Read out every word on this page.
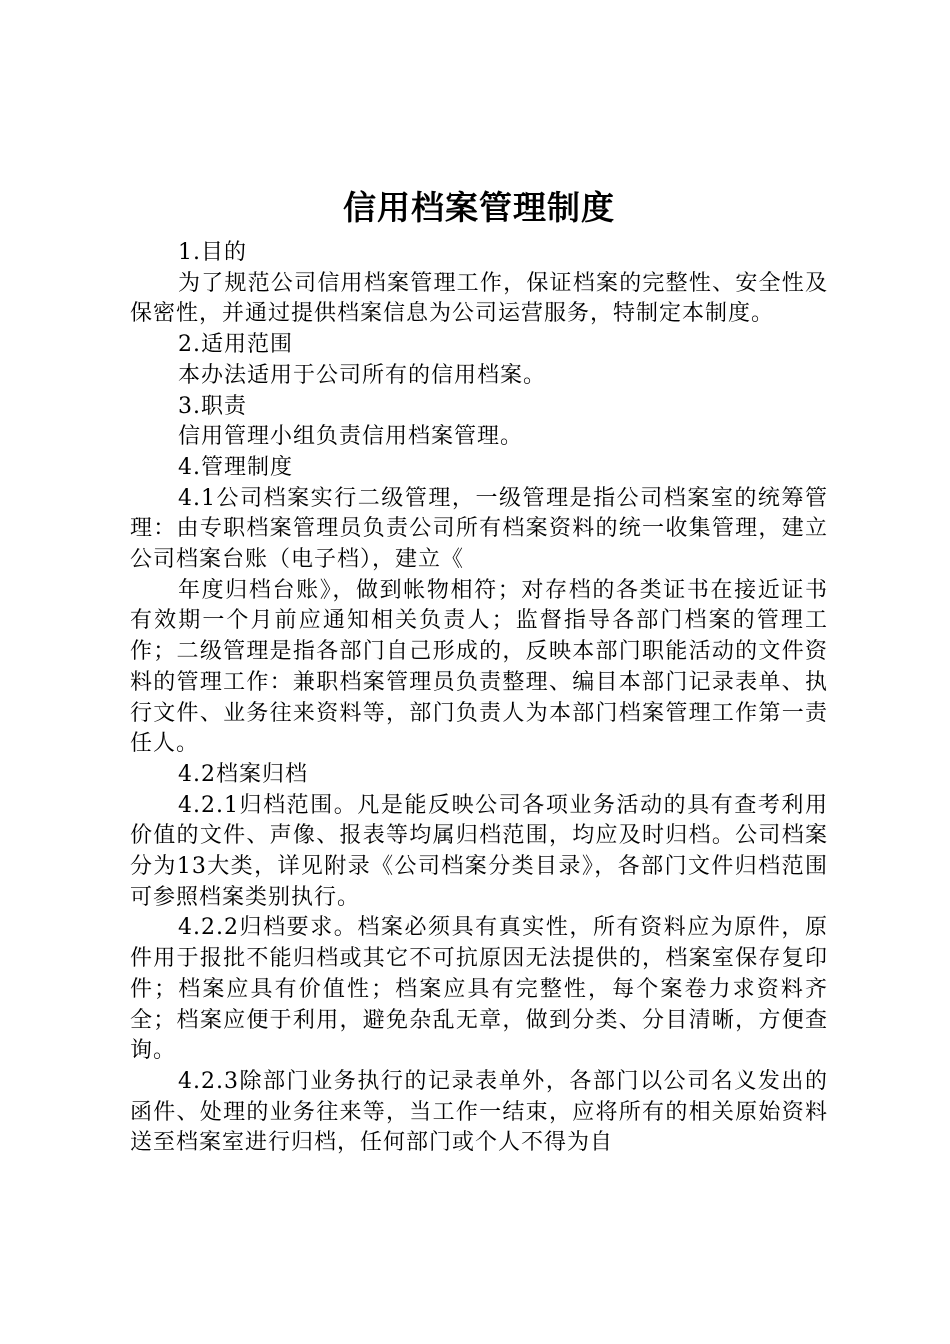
信用档案管理制度

1.目的

为了规范公司信用档案管理工作，保证档案的完整性、安全性及保密性，并通过提供档案信息为公司运营服务，特制定本制度。

2.适用范围

本办法适用于公司所有的信用档案。

3.职责

信用管理小组负责信用档案管理。

4.管理制度

4.1公司档案实行二级管理，一级管理是指公司档案室的统筹管理：由专职档案管理员负责公司所有档案资料的统一收集管理，建立公司档案台账（电子档），建立《

年度归档台账》，做到帐物相符；对存档的各类证书在接近证书有效期一个月前应通知相关负责人；监督指导各部门档案的管理工作；二级管理是指各部门自己形成的，反映本部门职能活动的文件资料的管理工作：兼职档案管理员负责整理、编目本部门记录表单、执行文件、业务往来资料等，部门负责人为本部门档案管理工作第一责任人。

4.2档案归档

4.2.1归档范围。凡是能反映公司各项业务活动的具有查考利用价值的文件、声像、报表等均属归档范围，均应及时归档。公司档案分为13大类，详见附录《公司档案分类目录》，各部门文件归档范围可参照档案类别执行。

4.2.2归档要求。档案必须具有真实性，所有资料应为原件，原件用于报批不能归档或其它不可抗原因无法提供的，档案室保存复印件；档案应具有价值性；档案应具有完整性，每个案卷力求资料齐全；档案应便于利用，避免杂乱无章，做到分类、分目清晰，方便查询。

4.2.3除部门业务执行的记录表单外，各部门以公司名义发出的函件、处理的业务往来等，当工作一结束，应将所有的相关原始资料送至档案室进行归档，任何部门或个人不得为自
